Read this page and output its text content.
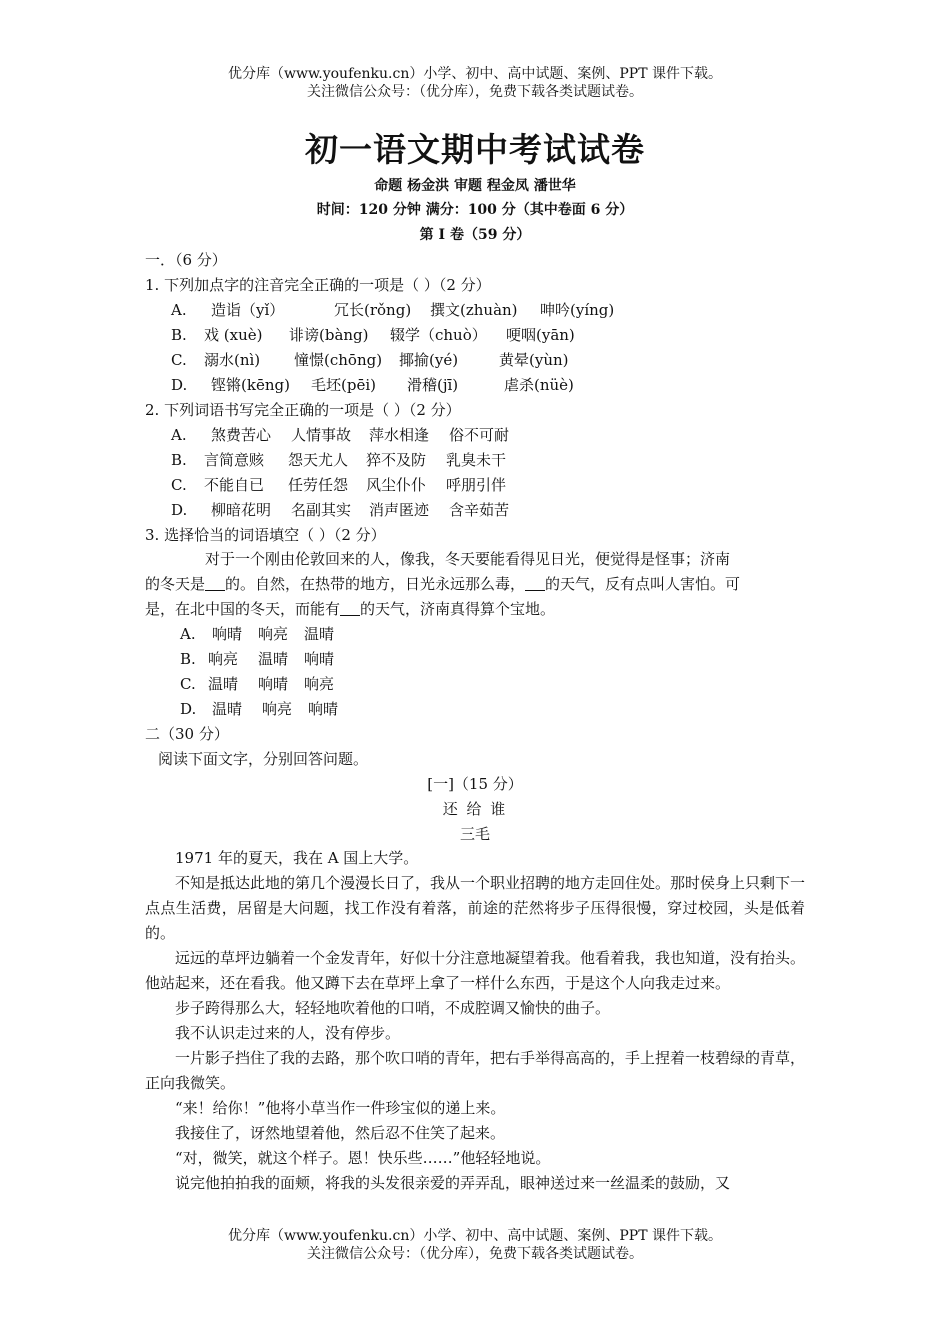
优分库（www.youfenku.cn）小学、初中、高中试题、案例、PPT 课件下载。
关注微信公众号：（优分库），免费下载各类试题试卷。
初一语文期中考试试卷
命题 杨金洪 审题 程金凤 潘世华
时间：120 分钟 满分：100 分（其中卷面 6 分）
第 I 卷（59 分）
一．（6 分）
1. 下列加点字的注音完全正确的一项是（ ）（2 分）
A. 造诣（yǐ）	冗长(rǒng) 撰文(zhuàn) 呻吟(yíng)
B. 戏 (xuè) 诽谤(bàng) 辍学（chuò） 哽咽(yān)
C. 溺水(nì) 憧憬(chōng) 揶揄(yé)	黄晕(yùn)
D. 铿锵(kēng) 毛坯(pēi) 滑稽(jī)	虐杀(nüè)
2. 下列词语书写完全正确的一项是（ ）（2 分）
A. 煞费苦心 人情事故 萍水相逢 俗不可耐
B. 言简意赅 怨天尤人 猝不及防 乳臭未干
C. 不能自已 任劳任怨 风尘仆仆 呼朋引伴
D. 柳暗花明 名副其实 消声匿迹 含辛茹苦
3. 选择恰当的词语填空（ ）（2 分）
对于一个刚由伦敦回来的人，像我，冬天要能看得见日光，便觉得是怪事；济南
的冬天是 的。自然，在热带的地方，日光永远那么毒， 的天气，反有点叫人害怕。可
是，在北中国的冬天，而能有 的天气，济南真得算个宝地。
A. 响晴 响亮 温晴
B. 响亮 温晴 响晴
C. 温晴 响晴 响亮
D. 温晴 响亮 响晴
二（30 分）
阅读下面文字，分别回答问题。
[一]（15 分）
还 给 谁
三毛
1971 年的夏天，我在 A 国上大学。
不知是抵达此地的第几个漫漫长日了，我从一个职业招聘的地方走回住处。那时侯身上只剩下一点点生活费，居留是大问题，找工作没有着落，前途的茫然将步子压得很慢，穿过校园，头是低着的。
远远的草坪边躺着一个金发青年，好似十分注意地凝望着我。他看着我，我也知道，没有抬头。他站起来，还在看我。他又蹲下去在草坪上拿了一样什么东西，于是这个人向我走过来。
步子跨得那么大，轻轻地吹着他的口哨，不成腔调又愉快的曲子。
我不认识走过来的人，没有停步。
一片影子挡住了我的去路，那个吹口哨的青年，把右手举得高高的，手上捏着一枝碧绿的青草，正向我微笑。
“来！给你！”他将小草当作一件珍宝似的递上来。
我接住了，讶然地望着他，然后忍不住笑了起来。
“对，微笑，就这个样子。恩！快乐些……”他轻轻地说。
说完他拍拍我的面颊，将我的头发很亲爱的弄弄乱，眼神送过来一丝温柔的鼓励，又
优分库（www.youfenku.cn）小学、初中、高中试题、案例、PPT 课件下载。
关注微信公众号：（优分库），免费下载各类试题试卷。
